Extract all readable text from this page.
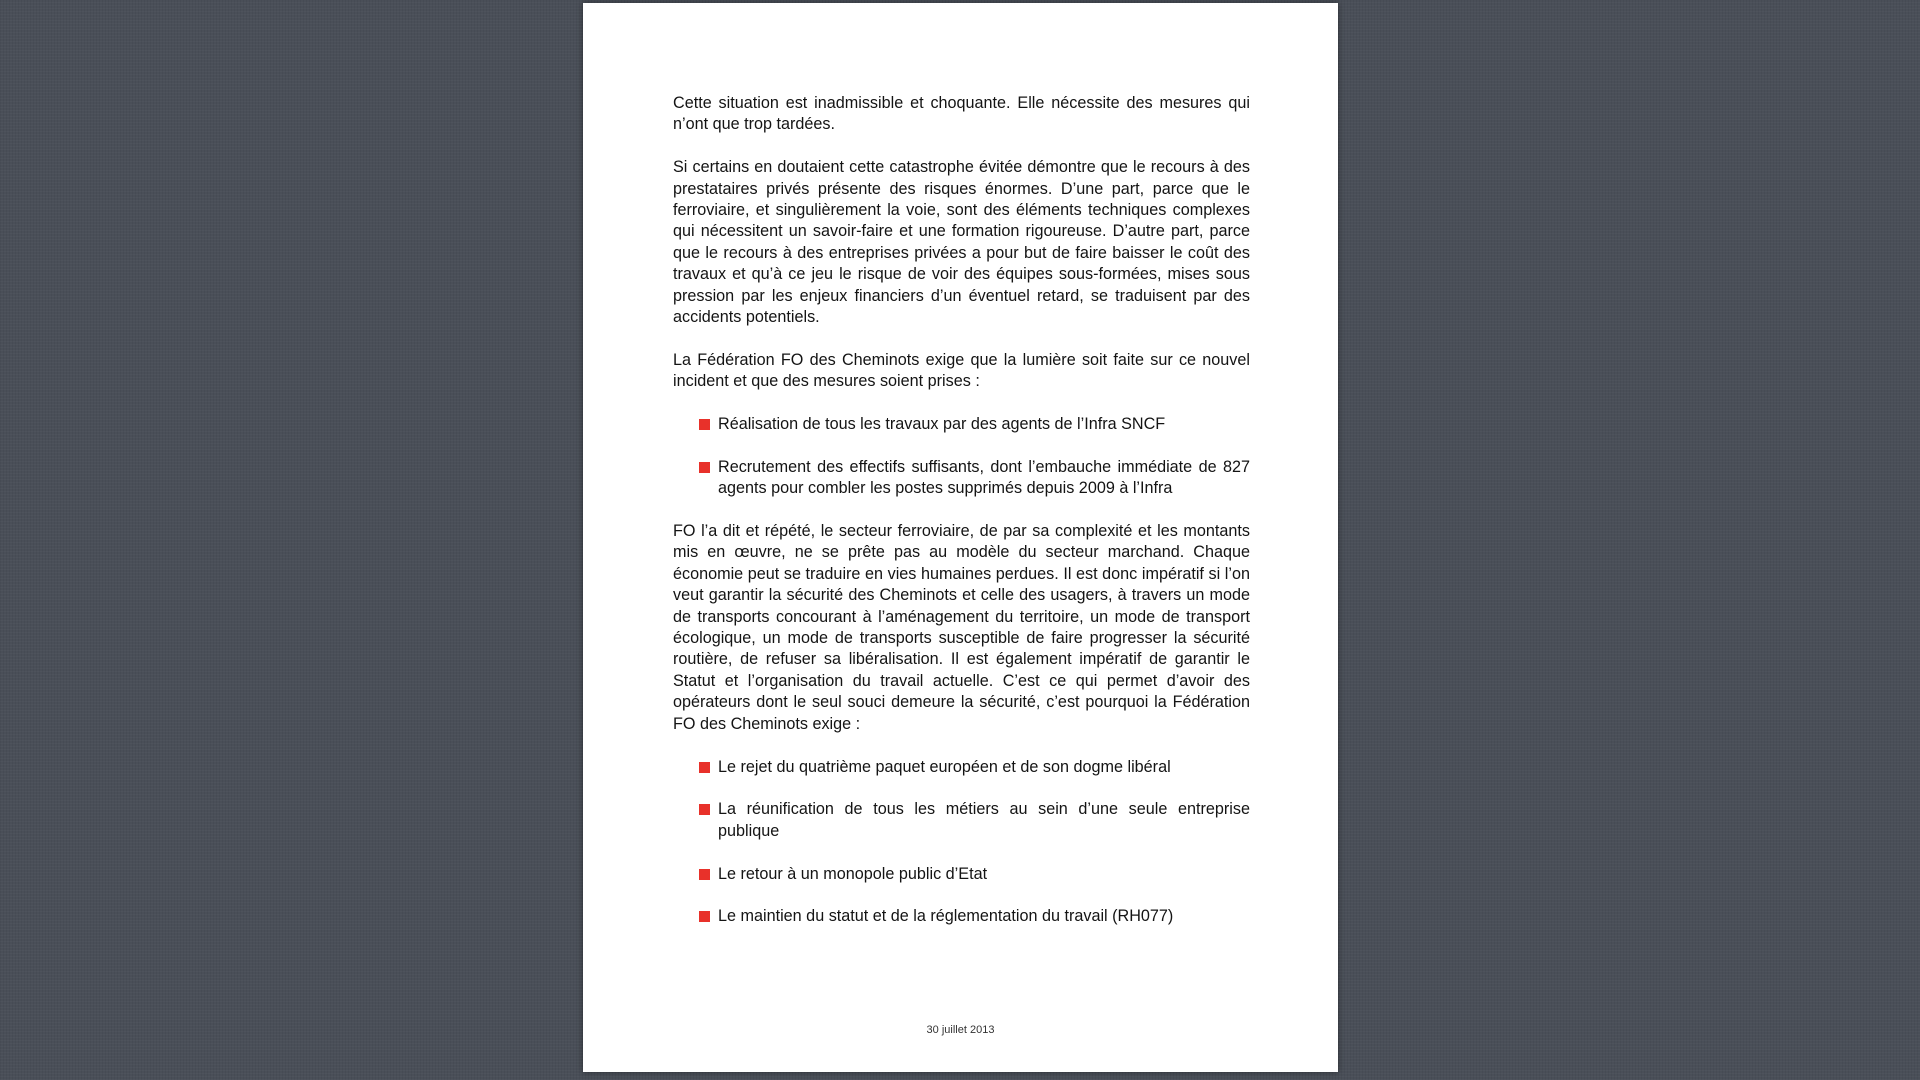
Cette situation est inadmissible et choquante. Elle nécessite des mesures qui n’ont que trop tardées.

Si certains en doutaient cette catastrophe évitée démontre que le recours à des prestataires privés présente des risques énormes. D’une part, parce que le ferroviaire, et singulièrement la voie, sont des éléments techniques complexes qui nécessitent un savoir-faire et une formation rigoureuse. D’autre part, parce que le recours à des entreprises privées a pour but de faire baisser le coût des travaux et qu’à ce jeu le risque de voir des équipes sous-formées, mises sous pression par les enjeux financiers d’un éventuel retard, se traduisent par des accidents potentiels.

La Fédération FO des Cheminots exige que la lumière soit faite sur ce nouvel incident et que des mesures soient prises :

Réalisation de tous les travaux par des agents de l’Infra SNCF
Recrutement des effectifs suffisants, dont l’embauche immédiate de 827 agents pour combler les postes supprimés depuis 2009 à l’Infra

FO l’a dit et répété, le secteur ferroviaire, de par sa complexité et les montants mis en œuvre, ne se prête pas au modèle du secteur marchand. Chaque économie peut se traduire en vies humaines perdues. Il est donc impératif si l’on veut garantir la sécurité des Cheminots et celle des usagers, à travers un mode de transports concourant à l’aménagement du territoire, un mode de transport écologique, un mode de transports susceptible de faire progresser la sécurité routière, de refuser sa libéralisation. Il est également impératif de garantir le Statut et l’organisation du travail actuelle. C’est ce qui permet d’avoir des opérateurs dont le seul souci demeure la sécurité, c’est pourquoi la Fédération FO des Cheminots exige :

Le rejet du quatrième paquet européen et de son dogme libéral
La réunification de tous les métiers au sein d’une seule entreprise publique
Le retour à un monopole public d’Etat
Le maintien du statut et de la réglementation du travail (RH077)
30 juillet 2013
